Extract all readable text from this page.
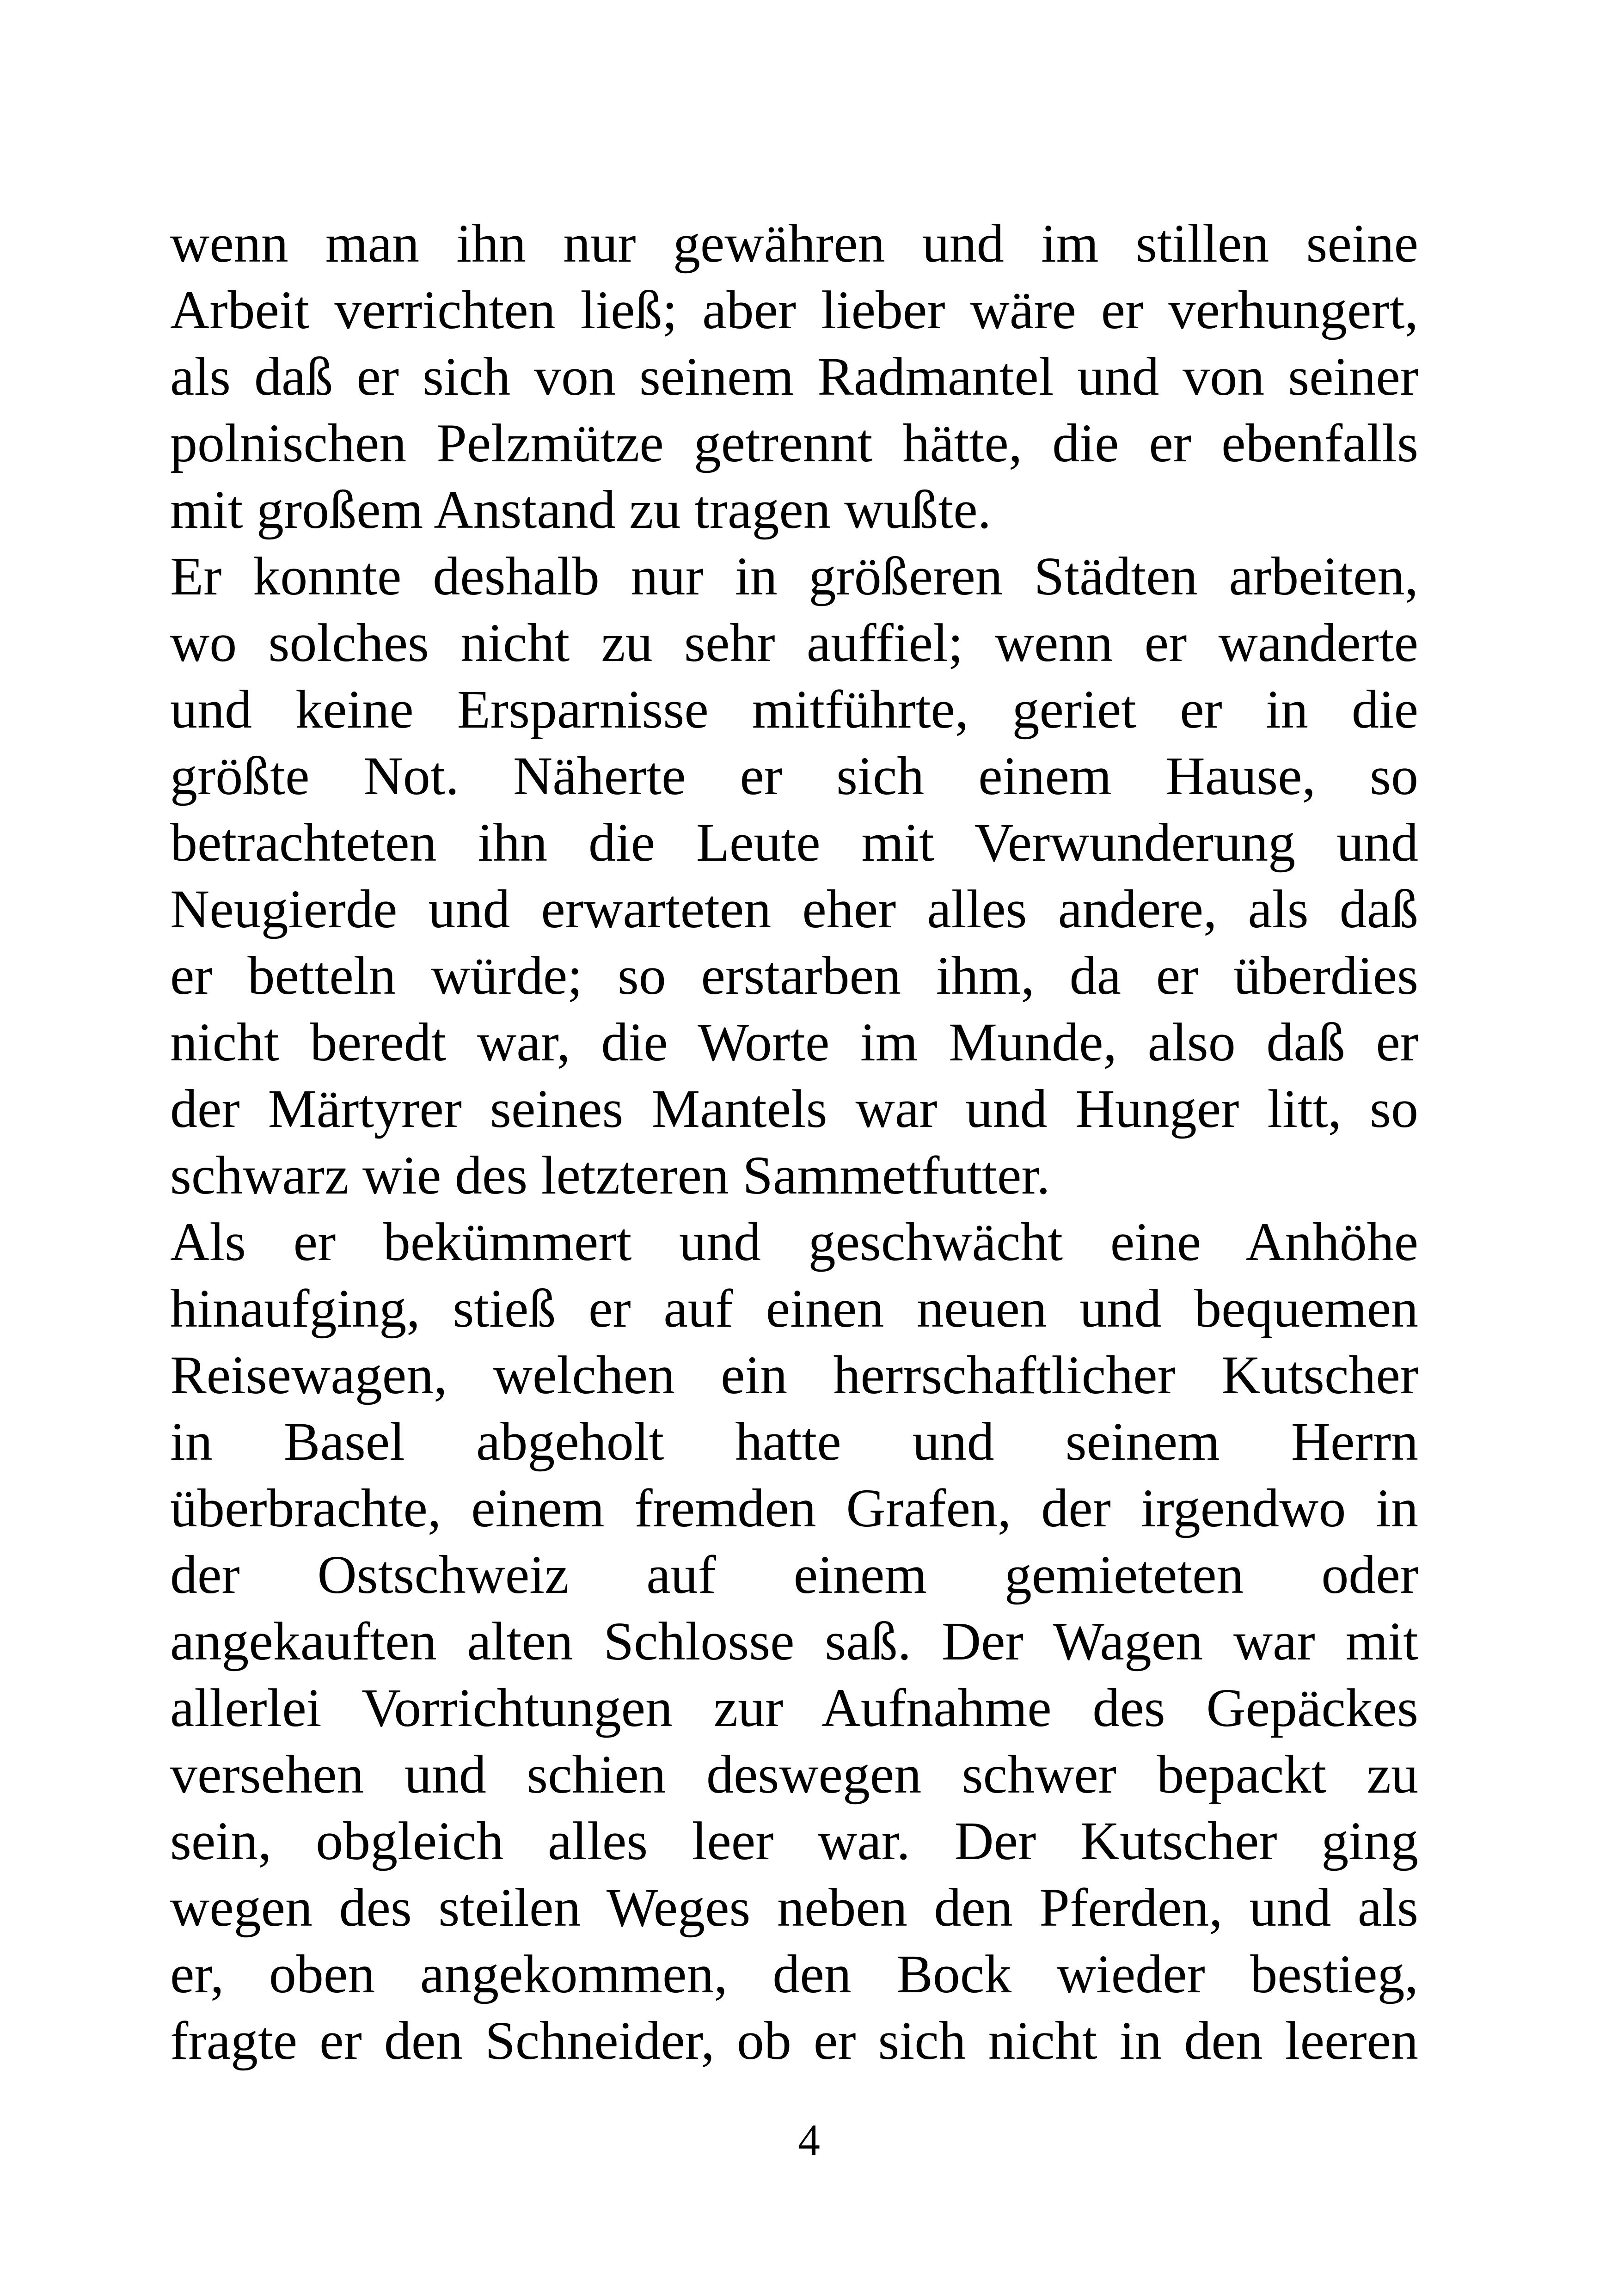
wenn man ihn nur gewähren und im stillen seine
Arbeit verrichten ließ; aber lieber wäre er verhungert,
als daß er sich von seinem Radmantel und von seiner
polnischen Pelzmütze getrennt hätte, die er ebenfalls
mit großem Anstand zu tragen wußte.
Er konnte deshalb nur in größeren Städten arbeiten,
wo solches nicht zu sehr auffiel; wenn er wanderte
und keine Ersparnisse mitführte, geriet er in die
größte Not. Näherte er sich einem Hause, so
betrachteten ihn die Leute mit Verwunderung und
Neugierde und erwarteten eher alles andere, als daß
er betteln würde; so erstarben ihm, da er überdies
nicht beredt war, die Worte im Munde, also daß er
der Märtyrer seines Mantels war und Hunger litt, so
schwarz wie des letzteren Sammetfutter.
Als er bekümmert und geschwächt eine Anhöhe
hinaufging, stieß er auf einen neuen und bequemen
Reisewagen, welchen ein herrschaftlicher Kutscher
in Basel abgeholt hatte und seinem Herrn
überbrachte, einem fremden Grafen, der irgendwo in
der Ostschweiz auf einem gemieteten oder
angekauften alten Schlosse saß. Der Wagen war mit
allerlei Vorrichtungen zur Aufnahme des Gepäckes
versehen und schien deswegen schwer bepackt zu
sein, obgleich alles leer war. Der Kutscher ging
wegen des steilen Weges neben den Pferden, und als
er, oben angekommen, den Bock wieder bestieg,
fragte er den Schneider, ob er sich nicht in den leeren
4
